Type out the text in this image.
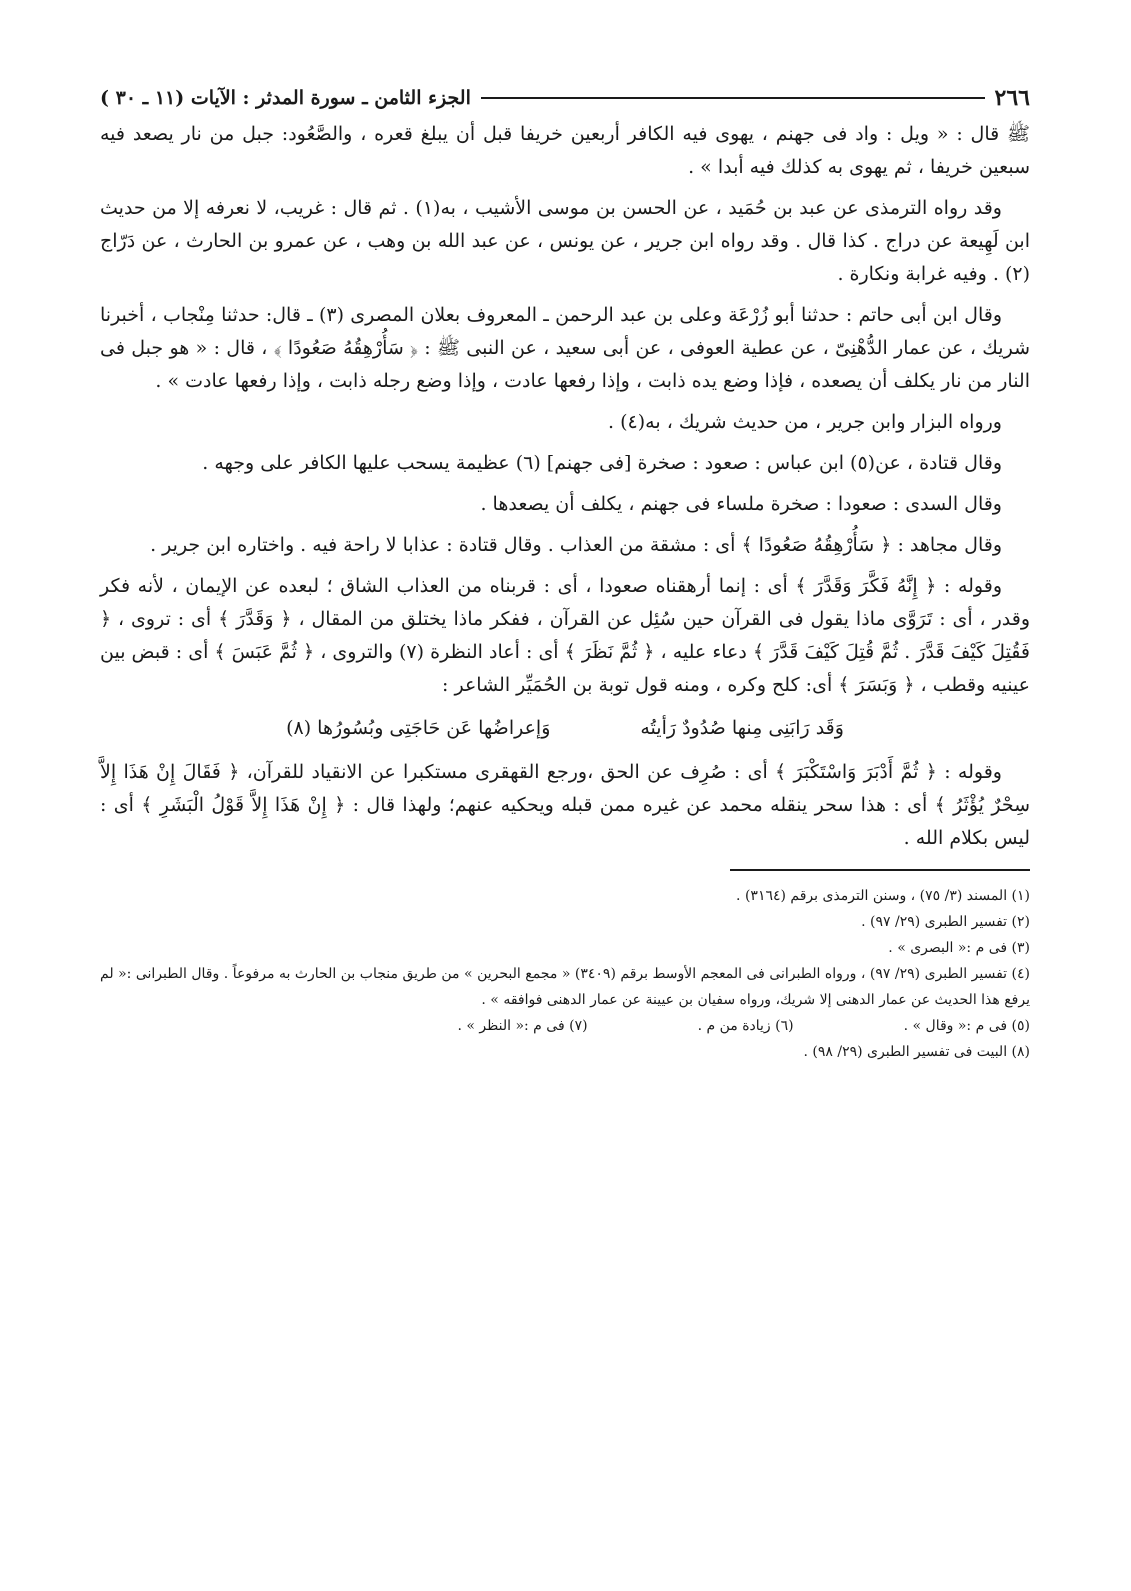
٢٦٦
الجزء الثامن ـ سورة المدثر : الآيات (١١ ـ ٣٠ )

ﷺ قال : « ويل : واد فى جهنم ، يهوى فيه الكافر أربعين خريفا قبل أن يبلغ قعره ، والصَّعُود: جبل من نار يصعد فيه سبعين خريفا ، ثم يهوى به كذلك فيه أبدا » .

وقد رواه الترمذى عن عبد بن حُمَيد ، عن الحسن بن موسى الأشيب ، به(١) . ثم قال : غريب، لا نعرفه إلا من حديث ابن لَهِيعة عن دراج . كذا قال . وقد رواه ابن جرير ، عن يونس ، عن عبد الله بن وهب ، عن عمرو بن الحارث ، عن دَرّاج (٢) . وفيه غرابة ونكارة .

وقال ابن أبى حاتم : حدثنا أبو زُرْعَة وعلى بن عبد الرحمن ـ المعروف بعلان المصرى (٣) ـ قال: حدثنا مِنْجاب ، أخبرنا شريك ، عن عمار الدُّهْنِىّ ، عن عطية العوفى ، عن أبى سعيد ، عن النبى ﷺ : ﴿ سَأُرْهِقُهُ صَعُودًا ﴾ ، قال : « هو جبل فى النار من نار يكلف أن يصعده ، فإذا وضع يده ذابت ، وإذا رفعها عادت ، وإذا وضع رجله ذابت ، وإذا رفعها عادت » .

ورواه البزار وابن جرير ، من حديث شريك ، به(٤) .

وقال قتادة ، عن(٥) ابن عباس : صعود : صخرة [فى جهنم] (٦) عظيمة يسحب عليها الكافر على وجهه .

وقال السدى : صعودا : صخرة ملساء فى جهنم ، يكلف أن يصعدها .

وقال مجاهد : ﴿ سَأُرْهِقُهُ صَعُودًا ﴾ أى : مشقة من العذاب . وقال قتادة : عذابا لا راحة فيه . واختاره ابن جرير .

وقوله : ﴿ إِنَّهُ فَكَّرَ وَقَدَّرَ ﴾ أى : إنما أرهقناه صعودا ، أى : قربناه من العذاب الشاق ؛ لبعده عن الإيمان ، لأنه فكر وقدر ، أى : تَرَوَّى ماذا يقول فى القرآن حين سُئِل عن القرآن ، ففكر ماذا يختلق من المقال ، ﴿ وَقَدَّرَ ﴾ أى : تروى ، ﴿ فَقُتِلَ كَيْفَ قَدَّرَ . ثُمَّ قُتِلَ كَيْفَ قَدَّرَ ﴾ دعاء عليه ، ﴿ ثُمَّ نَظَرَ ﴾ أى : أعاد النظرة (٧) والتروى ، ﴿ ثُمَّ عَبَسَ ﴾ أى : قبض بين عينيه وقطب ، ﴿ وَبَسَرَ ﴾ أى: كلح وكره ، ومنه قول توبة بن الحُمَيِّر الشاعر :

وَقَد رَابَنِى مِنها صُدُودٌ رَأيتُه
وَإعراضُها عَن حَاجَتِى وبُسُورُها (٨)

وقوله : ﴿ ثُمَّ أَدْبَرَ وَاسْتَكْبَرَ ﴾ أى : صُرِف عن الحق ،ورجع القهقرى مستكبرا عن الانقياد للقرآن، ﴿ فَقَالَ إِنْ هَذَا إِلاَّ سِحْرٌ يُؤْثَرُ ﴾ أى : هذا سحر ينقله محمد عن غيره ممن قبله ويحكيه عنهم؛ ولهذا قال : ﴿ إِنْ هَذَا إِلاَّ قَوْلُ الْبَشَرِ ﴾ أى : ليس بكلام الله .

(١) المسند (٣/ ٧٥) ، وسنن الترمذى برقم (٣١٦٤) .

(٢) تفسير الطبرى (٢٩/ ٩٧) .

(٣) فى م :« البصرى » .

(٤) تفسير الطبرى (٢٩/ ٩٧) ، ورواه الطبرانى فى المعجم الأوسط برقم (٣٤٠٩) « مجمع البحرين » من طريق منجاب بن الحارث به مرفوعاً . وقال الطبرانى :« لم يرفع هذا الحديث عن عمار الدهنى إلا شريك، ورواه سفيان بن عيينة عن عمار الدهنى فوافقه » .

(٥) فى م :« وقال » .
(٦) زيادة من م .
(٧) فى م :« النظر » .

(٨) البيت فى تفسير الطبرى (٢٩/ ٩٨) .
